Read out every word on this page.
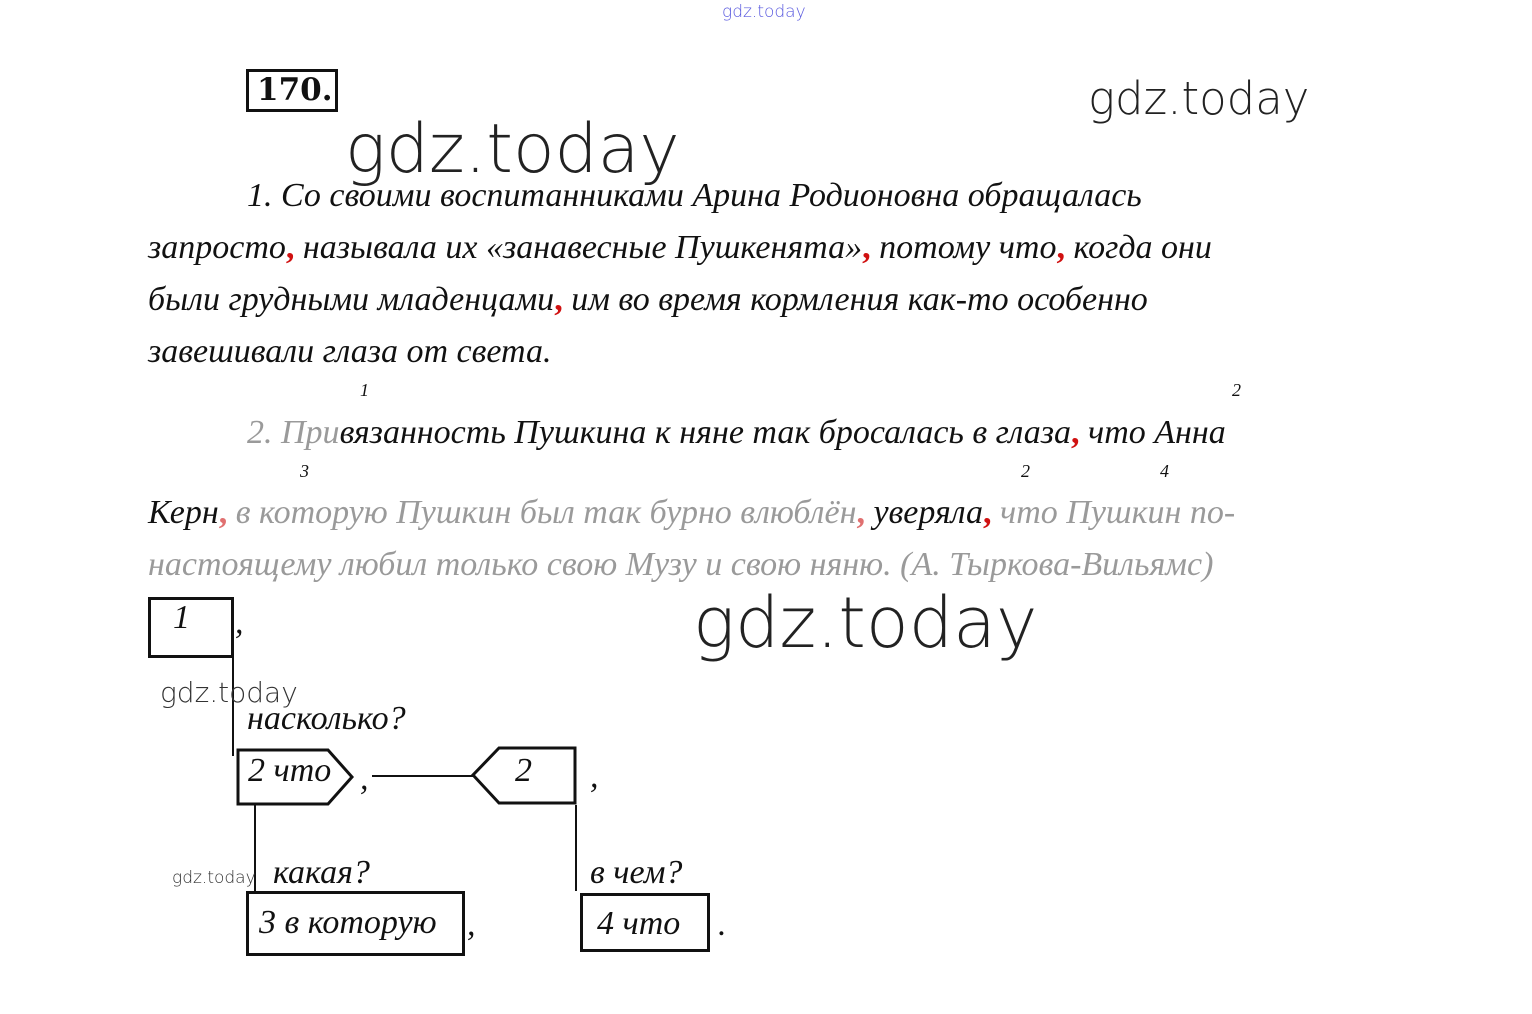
gdz.today
gdz.today
gdz.today
170.
1. Со своими воспитанниками Арина Родионовна обращалась
запросто, называла их «занавесные Пушкенята», потому что, когда они
были грудными младенцами, им во время кормления как-то особенно
завешивали глаза от света.
1	2
3	2	4
2. Привязанность Пушкина к няне так бросалась в глаза, что Анна
Керн, в которую Пушкин был так бурно влюблён, уверяла, что Пушкин по-
настоящему любил только свою Музу и свою няню. (А. Тыркова-Вильямс)
gdz.today
1	,
gdz.today
насколько?
2 что ,	2 ,
gdz.today какая?	в чем?
3 в которую ,	4 что	.
